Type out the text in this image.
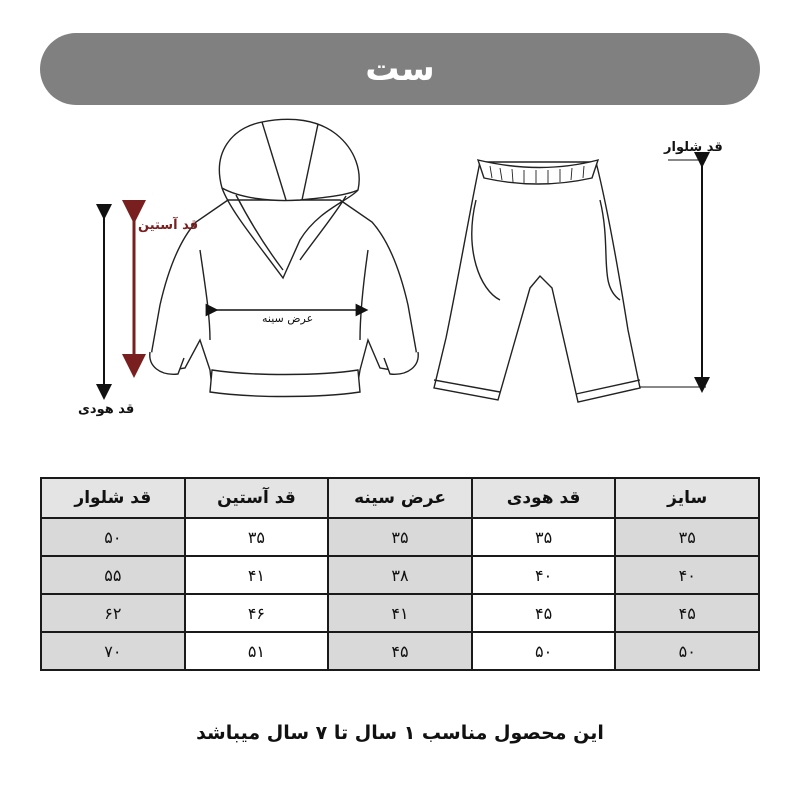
ست
قد شلوار
قد آستین
عرض سینه
قد هودی
سایز	قد هودی	عرض سینه	قد آستین	قد شلوار
۳۵	۳۵	۳۵	۳۵	۵۰
۴۰	۴۰	۳۸	۴۱	۵۵
۴۵	۴۵	۴۱	۴۶	۶۲
۵۰	۵۰	۴۵	۵۱	۷۰
این محصول مناسب ۱ سال تا ۷ سال میباشد
